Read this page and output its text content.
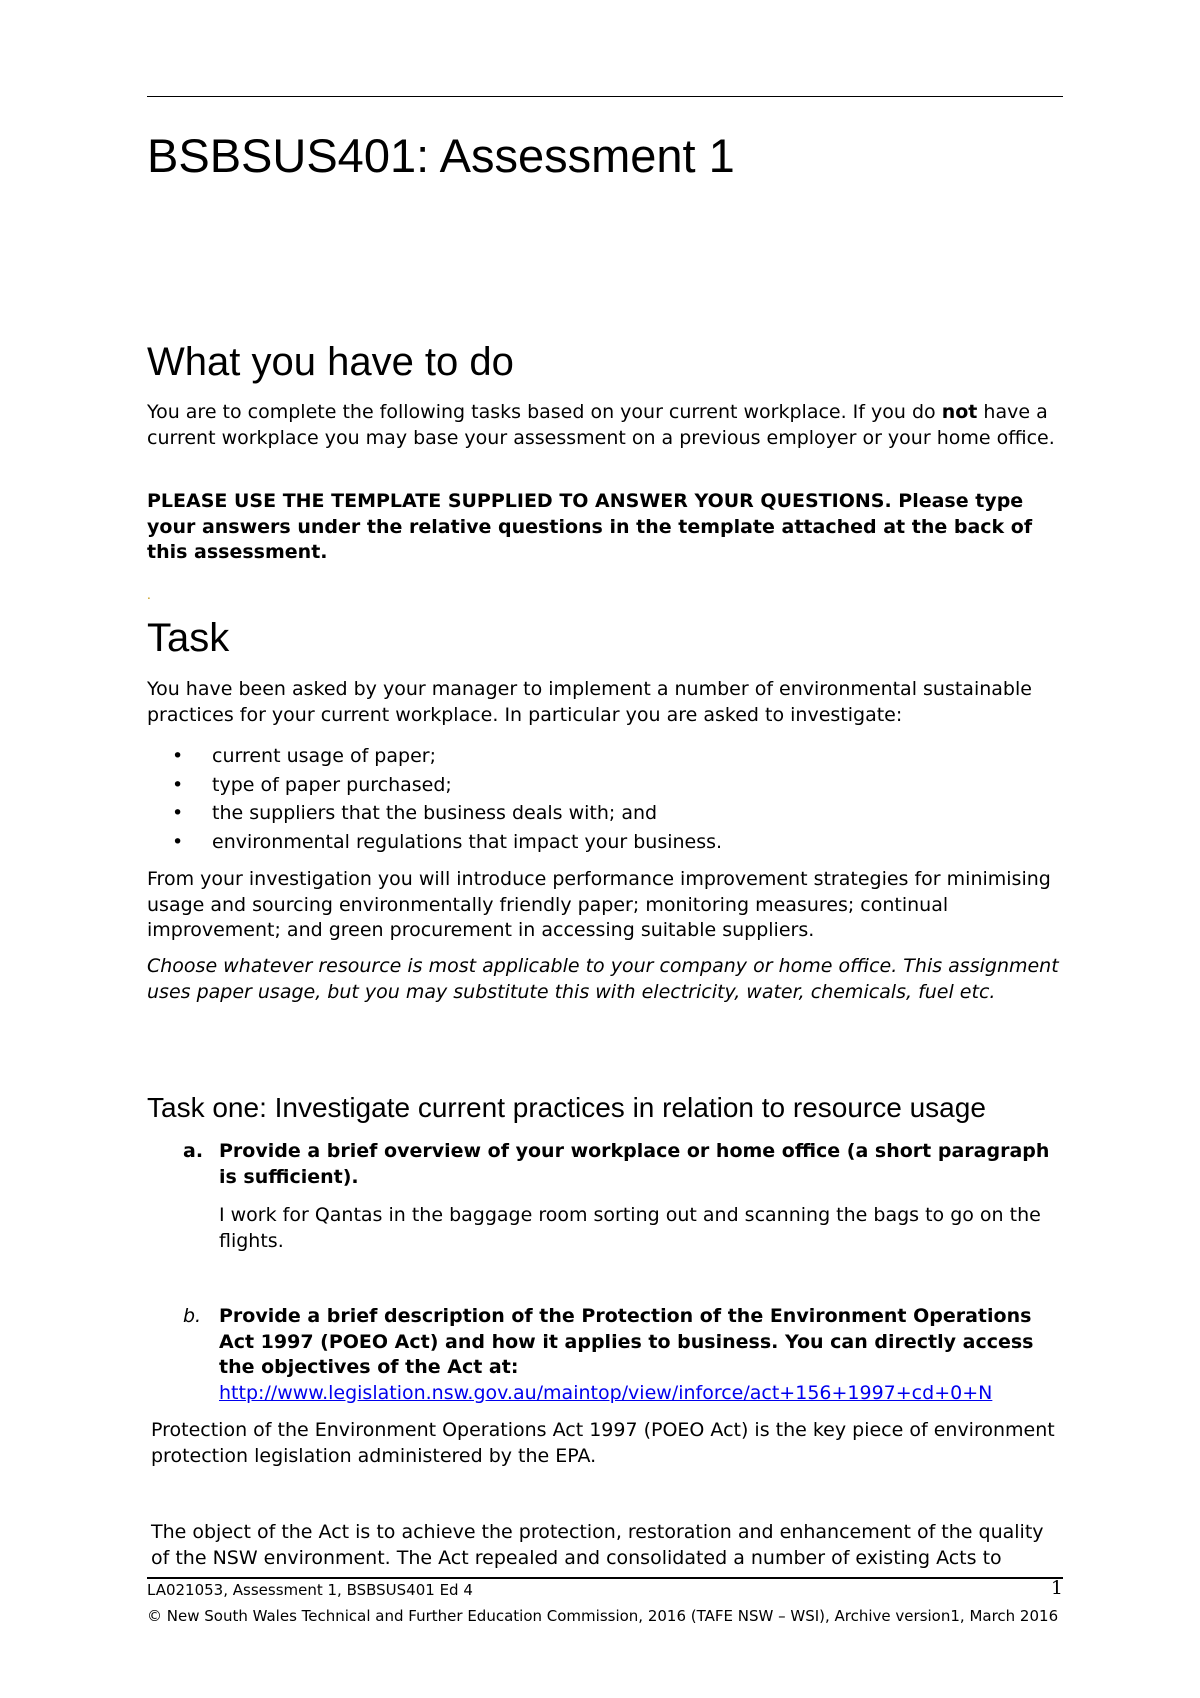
BSBSUS401: Assessment 1
What you have to do

You are to complete the following tasks based on your current workplace. If you do not have a current workplace you may base your assessment on a previous employer or your home office.

PLEASE USE THE TEMPLATE SUPPLIED TO ANSWER YOUR QUESTIONS. Please type your answers under the relative questions in the template attached at the back of this assessment.

.
Task

You have been asked by your manager to implement a number of environmental sustainable practices for your current workplace. In particular you are asked to investigate:

• current usage of paper;
• type of paper purchased;
• the suppliers that the business deals with; and
• environmental regulations that impact your business.

From your investigation you will introduce performance improvement strategies for minimising usage and sourcing environmentally friendly paper; monitoring measures; continual improvement; and green procurement in accessing suitable suppliers.

Choose whatever resource is most applicable to your company or home office. This assignment uses paper usage, but you may substitute this with electricity, water, chemicals, fuel etc.

Task one: Investigate current practices in relation to resource usage
a. Provide a brief overview of your workplace or home office (a short paragraph is sufficient).

I work for Qantas in the baggage room sorting out and scanning the bags to go on the flights.

b. Provide a brief description of the Protection of the Environment Operations Act 1997 (POEO Act) and how it applies to business. You can directly access the objectives of the Act at:
http://www.legislation.nsw.gov.au/maintop/view/inforce/act+156+1997+cd+0+N

Protection of the Environment Operations Act 1997 (POEO Act) is the key piece of environment protection legislation administered by the EPA.

The object of the Act is to achieve the protection, restoration and enhancement of the quality of the NSW environment. The Act repealed and consolidated a number of existing Acts to

LA021053, Assessment 1, BSBSUS401 Ed 4	1

© New South Wales Technical and Further Education Commission, 2016 (TAFE NSW – WSI), Archive version1, March 2016
